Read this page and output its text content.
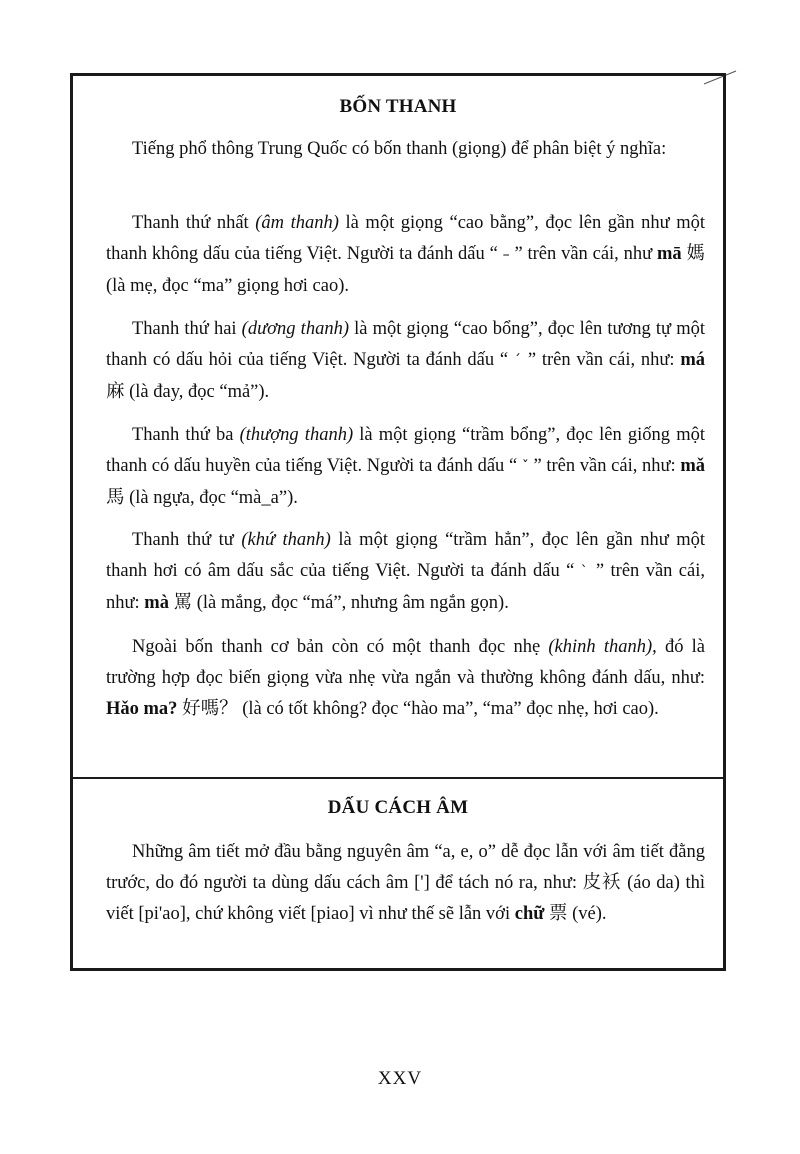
BỐN THANH
Tiếng phổ thông Trung Quốc có bốn thanh (giọng) để phân biệt ý nghĩa:
Thanh thứ nhất (âm thanh) là một giọng “cao bằng”, đọc lên gần như một thanh không dấu của tiếng Việt. Người ta đánh dấu “ – ” trên vần cái, như mā 媽 (là mẹ, đọc “ma” giọng hơi cao).
Thanh thứ hai (dương thanh) là một giọng “cao bổng”, đọc lên tương tự một thanh có dấu hỏi của tiếng Việt. Người ta đánh dấu “ ˊ ” trên vần cái, như: má 麻 (là đay, đọc “mả”).
Thanh thứ ba (thượng thanh) là một giọng “trầm bổng”, đọc lên giống một thanh có dấu huyền của tiếng Việt. Người ta đánh dấu “ ˇ ” trên vần cái, như: mǎ 馬 (là ngựa, đọc “mà_a”).
Thanh thứ tư (khứ thanh) là một giọng “trầm hẳn”, đọc lên gần như một thanh hơi có âm dấu sắc của tiếng Việt. Người ta đánh dấu “ ˋ ” trên vần cái, như: mà 罵 (là mắng, đọc “má”, nhưng âm ngắn gọn).
Ngoài bốn thanh cơ bản còn có một thanh đọc nhẹ (khinh thanh), đó là trường hợp đọc biến giọng vừa nhẹ vừa ngắn và thường không đánh dấu, như: Hǎo ma? 好嗎？ (là có tốt không? đọc “hào ma”, “ma” đọc nhẹ, hơi cao).
DẤU CÁCH ÂM
Những âm tiết mở đầu bằng nguyên âm “a, e, o” dễ đọc lẫn với âm tiết đằng trước, do đó người ta dùng dấu cách âm ['] để tách nó ra, như: 皮袄 (áo da) thì viết [pi'ao], chứ không viết [piao] vì như thế sẽ lẫn với chữ 票 (vé).
XXV
